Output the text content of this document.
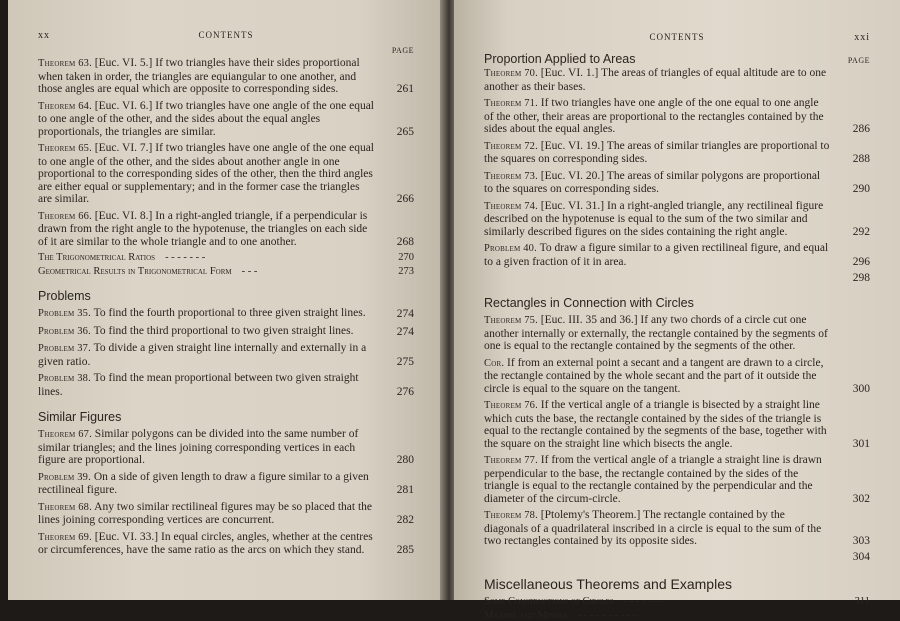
xx	CONTENTS
PAGE
Theorem 63. [Euc. VI. 5.] If two triangles have their sides proportional when taken in order, the triangles are equiangular to one another, and those angles are equal which are opposite to corresponding sides.	261
Theorem 64. [Euc. VI. 6.] If two triangles have one angle of the one equal to one angle of the other, and the sides about the equal angles proportionals, the triangles are similar.	265
Theorem 65. [Euc. VI. 7.] If two triangles have one angle of the one equal to one angle of the other, and the sides about another angle in one proportional to the corresponding sides of the other, then the third angles are either equal or supplementary; and in the former case the triangles are similar.	266
Theorem 66. [Euc. VI. 8.] In a right-angled triangle, if a perpendicular is drawn from the right angle to the hypotenuse, the triangles on each side of it are similar to the whole triangle and to one another.	268
The Trigonometrical Ratios - - - - - - -	270
Geometrical Results in Trigonometrical Form - - -	273
Problems
Problem 35. To find the fourth proportional to three given straight lines.	274
Problem 36. To find the third proportional to two given straight lines.	274
Problem 37. To divide a given straight line internally and externally in a given ratio.	275
Problem 38. To find the mean proportional between two given straight lines.	276
Similar Figures
Theorem 67. Similar polygons can be divided into the same number of similar triangles; and the lines joining corresponding vertices in each figure are proportional.	280
Problem 39. On a side of given length to draw a figure similar to a given rectilineal figure.	281
Theorem 68. Any two similar rectilineal figures may be so placed that the lines joining corresponding vertices are concurrent.	282
Theorem 69. [Euc. VI. 33.] In equal circles, angles, whether at the centres or circumferences, have the same ratio as the arcs on which they stand.	285
CONTENTS	xxi
Proportion Applied to Areas	PAGE
Theorem 70. [Euc. VI. 1.] The areas of triangles of equal altitude are to one another as their bases.
Theorem 71. If two triangles have one angle of the one equal to one angle of the other, their areas are proportional to the rectangles contained by the sides about the equal angles.	286
Theorem 72. [Euc. VI. 19.] The areas of similar triangles are proportional to the squares on corresponding sides.	288
Theorem 73. [Euc. VI. 20.] The areas of similar polygons are proportional to the squares on corresponding sides.	290
Theorem 74. [Euc. VI. 31.] In a right-angled triangle, any rectilineal figure described on the hypotenuse is equal to the sum of the two similar and similarly described figures on the sides containing the right angle.	292
Problem 40. To draw a figure similar to a given rectilineal figure, and equal to a given fraction of it in area.	296
298
Rectangles in Connection with Circles
Theorem 75. [Euc. III. 35 and 36.] If any two chords of a circle cut one another internally or externally, the rectangle contained by the segments of one is equal to the rectangle contained by the segments of the other.
Cor. If from an external point a secant and a tangent are drawn to a circle, the rectangle contained by the whole secant and the part of it outside the circle is equal to the square on the tangent.	300
Theorem 76. If the vertical angle of a triangle is bisected by a straight line which cuts the base, the rectangle contained by the sides of the triangle is equal to the rectangle contained by the segments of the base, together with the square on the straight line which bisects the angle.	301
Theorem 77. If from the vertical angle of a triangle a straight line is drawn perpendicular to the base, the rectangle contained by the sides of the triangle is equal to the rectangle contained by the perpendicular and the diameter of the circum-circle.	302
Theorem 78. [Ptolemy's Theorem.] The rectangle contained by the diagonals of a quadrilateral inscribed in a circle is equal to the sum of the two rectangles contained by its opposite sides.	303
304
Miscellaneous Theorems and Examples
Some Constructions of Circles - - - - - - -	311
Maxima and Minima - - - - - - - - - -
